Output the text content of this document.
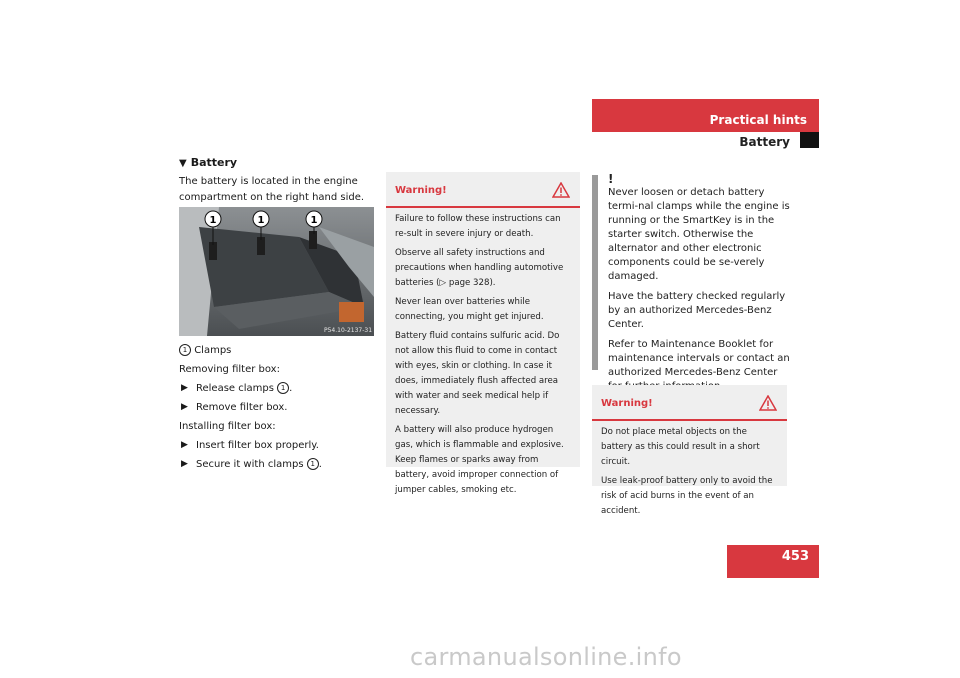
Practical hints
Battery
▼ Battery
The battery is located in the engine compartment on the right hand side.
1	1	1
P54.10-2137-31

1 Clamps

Removing filter box:

▶ Release clamps 1 .

▶ Remove filter box.

Installing filter box:

▶ Insert filter box properly.

▶ Secure it with clamps 1 .

Warning!

Failure to follow these instructions can re-sult in severe injury or death.

Observe all safety instructions and precautions when handling automotive batteries (▷ page 328).

Never lean over batteries while connecting, you might get injured.

Battery fluid contains sulfuric acid. Do not allow this fluid to come in contact with eyes, skin or clothing. In case it does, immediately flush affected area with water and seek medical help if necessary.

A battery will also produce hydrogen gas, which is flammable and explosive. Keep flames or sparks away from battery, avoid improper connection of jumper cables, smoking etc.

!

Never loosen or detach battery termi-nal clamps while the engine is running or the SmartKey is in the starter switch. Otherwise the alternator and other electronic components could be se-verely damaged.

Have the battery checked regularly by an authorized Mercedes-Benz Center.

Refer to Maintenance Booklet for maintenance intervals or contact an authorized Mercedes-Benz Center

Warning!

Do not place metal objects on the battery as this could result in a short circuit.

Use leak-proof battery only to avoid the risk of acid burns in the event of an accident.

453
carmanualsonline.info
